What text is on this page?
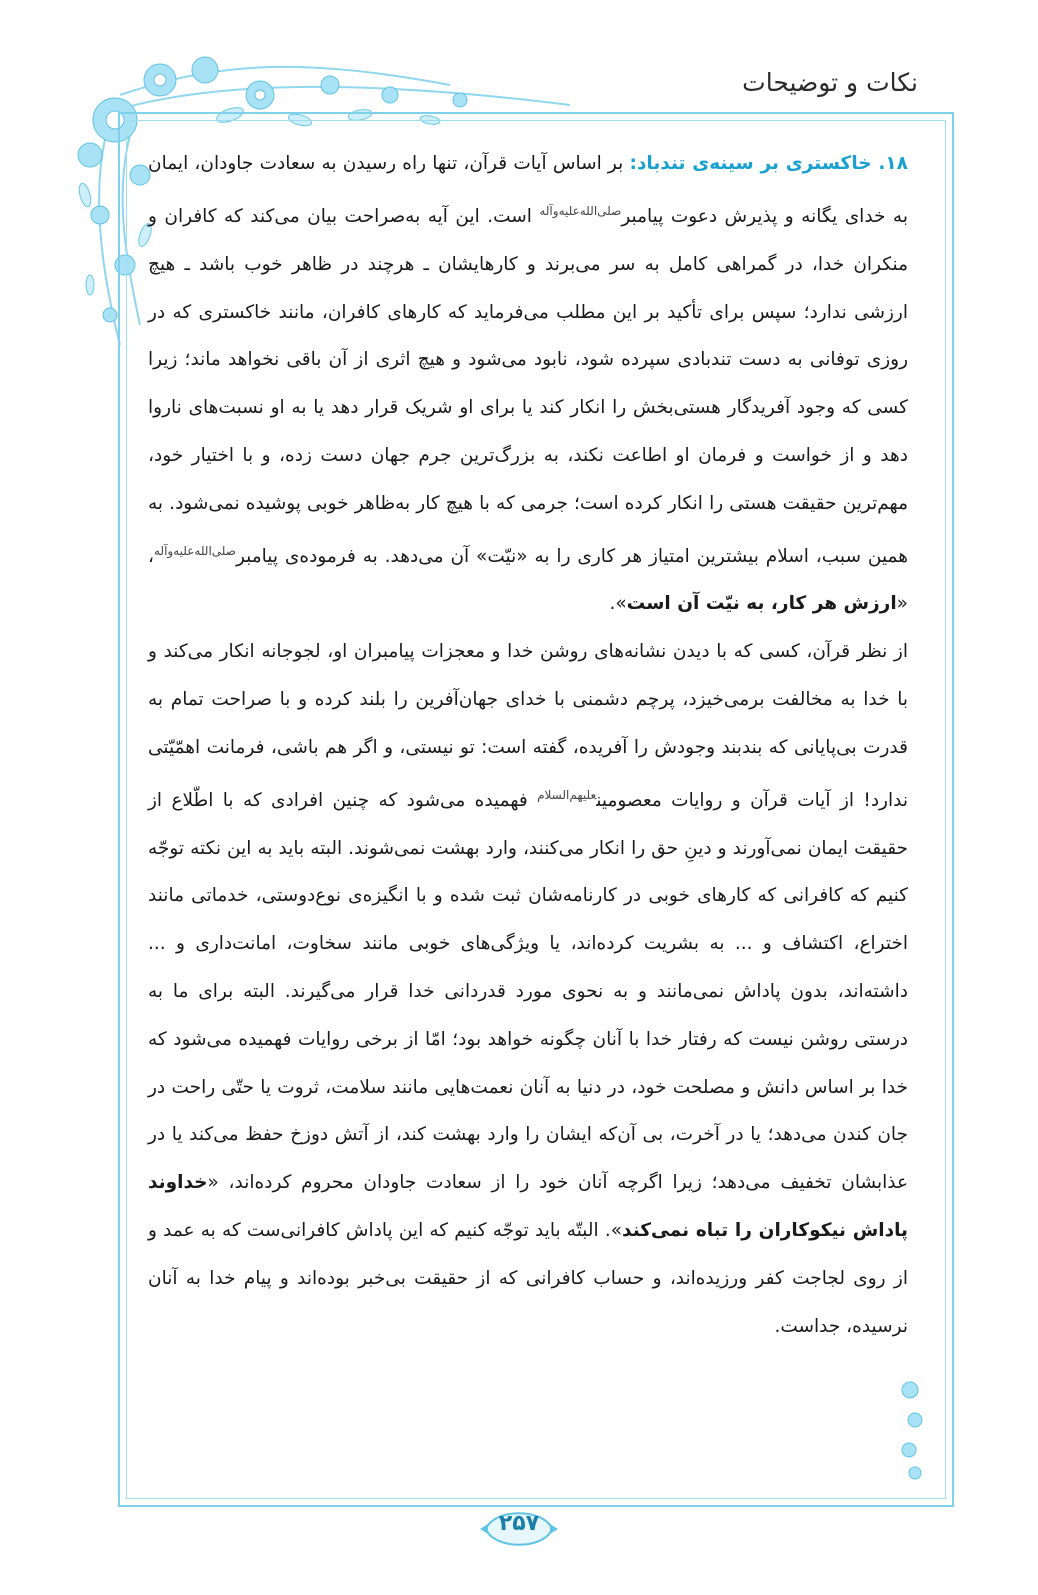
نکات و توضیحات

۱۸. خاکستری بر سینه‌ی تندباد: بر اساس آیات قرآن، تنها راه رسیدن به سعادت جاودان، ایمان به خدای یگانه و پذیرش دعوت پیامبر$^{صلی‌الله‌علیه‌وآله}$ است. این آیه به‌صراحت بیان می‌کند که کافران و منکران خدا، در گمراهی کامل به سر می‌برند و کارهایشان ـ هرچند در ظاهر خوب باشد ـ هیچ ارزشی ندارد؛ سپس برای تأکید بر این مطلب می‌فرماید که کارهای کافران، مانند خاکستری که در روزی توفانی به دست تندبادی سپرده شود، نابود می‌شود و هیچ اثری از آن باقی نخواهد ماند؛ زیرا کسی که وجود آفریدگار هستی‌بخش را انکار کند یا برای او شریک قرار دهد یا به او نسبت‌های ناروا دهد و از خواست و فرمان او اطاعت نکند، به بزرگ‌ترین جرم جهان دست زده، و با اختیار خود، مهم‌ترین حقیقت هستی را انکار کرده است؛ جرمی که با هیچ کار به‌ظاهر خوبی پوشیده نمی‌شود. به همین سبب، اسلام بیشترین امتیاز هر کاری را به «نیّت» آن می‌دهد. به فرموده‌ی پیامبر$^{صلی‌الله‌علیه‌وآله}$، «ارزش هر کار، به نیّت آن است».

از نظر قرآن، کسی که با دیدن نشانه‌های روشن خدا و معجزات پیامبران او، لجوجانه انکار می‌کند و با خدا به مخالفت برمی‌خیزد، پرچم دشمنی با خدای جهان‌آفرین را بلند کرده و با صراحت تمام به قدرت بی‌پایانی که بندبند وجودش را آفریده، گفته است: تو نیستی، و اگر هم باشی، فرمانت اهمّیّتی ندارد! از آیات قرآن و روایات معصومین$^{علیهم‌السلام}$ فهمیده می‌شود که چنین افرادی که با اطّلاع از حقیقت ایمان نمی‌آورند و دینِ حق را انکار می‌کنند، وارد بهشت نمی‌شوند. البته باید به این نکته توجّه کنیم که کافرانی که کارهای خوبی در کارنامه‌شان ثبت شده و با انگیزه‌ی نوع‌دوستی، خدماتی مانند اختراع، اکتشاف و ... به بشریت کرده‌اند، یا ویژگی‌های خوبی مانند سخاوت، امانت‌داری و ... داشته‌اند، بدون پاداش نمی‌مانند و به نحوی مورد قدردانی خدا قرار می‌گیرند. البته برای ما به درستی روشن نیست که رفتار خدا با آنان چگونه خواهد بود؛ امّا از برخی روایات فهمیده می‌شود که خدا بر اساس دانش و مصلحت خود، در دنیا به آنان نعمت‌هایی مانند سلامت، ثروت یا حتّی راحت در جان کندن می‌دهد؛ یا در آخرت، بی آن‌که ایشان را وارد بهشت کند، از آتش دوزخ حفظ می‌کند یا در عذابشان تخفیف می‌دهد؛ زیرا اگرچه آنان خود را از سعادت جاودان محروم کرده‌اند، «خداوند پاداش نیکوکاران را تباه نمی‌کند». البتّه باید توجّه کنیم که این پاداش کافرانی‌ست که به عمد و از روی لجاجت کفر ورزیده‌اند، و حساب کافرانی که از حقیقت بی‌خبر بوده‌اند و پیام خدا به آنان نرسیده، جداست.

۲۵۷
